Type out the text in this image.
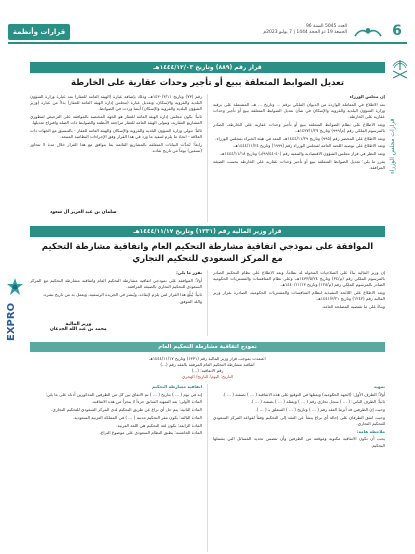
6
العدد 5045 السنة 96
الجمعة 19 ذو الحجة 1444 | 7 يوليو 2023م
قرارات وأنظمة
قرارات مجلس الوزراء
EXPRO
قرار رقم (٨٨٩) وتاريخ ١٤٤٤/١٢/٠٣هـ
تعديل الضوابط المتعلقة ببيع أو تأجير وحدات عقارية على الخارطة

إن مجلس الوزراء

بعد الاطلاع في المعاملة الواردة من الديوان الملكي برقم ... وتاريخ ... هـ، المشتملة على برقية وزارة الشؤون البلدية والقروية والإسكان في شأن تعديل الضوابط المتعلقة ببيع أو تأجير وحدات عقارية على الخارطة.

وبعد الاطلاع على نظام الضوابط المتعلقة ببيع أو تأجير وحدات عقارية على الخارطة، الصادر بالمرسوم الملكي رقم (م/٩٩٩) وتاريخ ١٤٣٧/١/٢٧هـ.

وبعد الاطلاع على المحضر رقم (٩٩٥) وتاريخ ١٤٤٤/١١/٢٩هـ، المعد في هيئة الخبراء بمجلس الوزراء.

وبعد الاطلاع على توصية اللجنة العامة لمجلس الوزراء رقم (٦٩٩٩) وتاريخ ١٤٤٤/١١/٢٤هـ.

وبعد النظر في قرار مجلس الشؤون الاقتصادية والتنمية رقم (٤٠-٩٩/٤٤/د) وتاريخ ١٤٤٤/١١/١٨هـ.

يقرر ما يلي: تعديل الضوابط المتعلقة ببيع أو تأجير وحدات عقارية على الخارطة بحسب الصيغة المرافقة.

رقم (٧٣) وتاريخ ١٤٣٠/٣/١١هـ، وذلك بإضافة عبارة (الهيئة العامة للعقار) بعد عبارة وزارة الشؤون البلدية والقروية والإسكان، وتعديل عبارة (مجلس إدارة الهيئة العامة للعقار) بدلاً من عبارة (وزير الشؤون البلدية والقروية والإسكان) أينما وردت في الضوابط.

ثانياً: يكون مجلس إدارة الهيئة العامة للعقار هو الجهة المختصة بالموافقة على الترخيص لمطوري المشاريع العقارية، وتتولى الهيئة العامة للعقار مراجعة الأنظمة والضوابط ذات الصلة واقتراح تعديلها.

ثالثاً: تتولى وزارة الشؤون البلدية والقروية والإسكان والهيئة العامة للعقار - بالتنسيق مع الجهات ذات العلاقة - اتخاذ ما يلزم لتنفيذ ما ورد في هذا القرار وفق الإجراءات النظامية المتبعة.

رابعاً: تُحدَّث البيانات المتعلقة بالمشاريع القائمة بما يتوافق مع هذا القرار خلال مدة لا تتجاوز (تسعين) يوماً من تاريخ نفاذه.

سلمان بن عبد العزيز آل سعود
قرار وزير المالية رقم (١٣٣١) وتاريخ ١٤٤٤/١١/١٧هـ
الموافقة على نموذجي اتفاقية مشارطة التحكيم العام واتفاقية مشارطة التحكيم
مع المركز السعودي للتحكيم التجاري

إن وزير المالية بناءً على الصلاحيات المخولة له نظاماً، وبعد الاطلاع على نظام التحكيم الصادر بالمرسوم الملكي رقم (م/٣٤) وتاريخ ١٤٣٣/٥/٢٤هـ، وعلى نظام المنافسات والمشتريات الحكومية الصادر بالمرسوم الملكي رقم (م/١٢٨) وتاريخ ١٤٤٠/١١/١٣هـ.

وبعد الاطلاع على اللائحة التنفيذية لنظام المنافسات والمشتريات الحكومية، الصادرة بقرار وزير المالية رقم (١٢٤٢) وتاريخ ١٤٤١/٣/٢١هـ.

وبناءً على ما تقتضيه المصلحة العامة.

يقرر ما يلي:

أولاً: الموافقة على نموذجي اتفاقية مشارطة التحكيم العام واتفاقية مشارطة التحكيم مع المركز السعودي للتحكيم التجاري بالصيغة المرافقة.

ثانياً: يُبلَّغ هذا القرار لمن يلزم لإنفاذه، ويُنشر في الجريدة الرسمية، ويعمل به من تاريخ نشره.

والله الموفق.

وزير المالية
محمد بن عبد الله الجدعان
نموذج اتفاقية مشارطة التحكيم العام
اعتمدت بموجب قرار وزير المالية رقم (١٣٣١) وتاريخ ١٤٤٤/١١/١٧هـ
اتفاقية مشارطة التحكيم العام المرفقة بالعقد رقم (...)
رقم الاتفاقية: (...)
التاريخ: اليوم/ التاريخ/ الهجري

تمهيد

أولاً: الطرف الأول: (الجهة الحكومية) ويمثلها في التوقيع على هذه الاتفاقية ( ... ) بصفته ( ... ).

ثانياً: الطرف الثاني: ( ... ) سجل تجاري رقم ( ... ) ويمثله ( ... ) بصفته ( ... ).

وحيث إن الطرفين قد أبرما العقد رقم ( ... ) وتاريخ ( ... ) المتعلق بـ ( ... ).

وحيث اتفق الطرفان على إحالة أي نزاع ينشأ عن العقد إلى التحكيم وفقاً لقواعد المركز السعودي للتحكيم التجاري.

ملاحظة هامة:

يجب أن تكون الاتفاقية مكتوبة وموقعة من الطرفين وأن تتضمن تحديد المسائل التي يشملها التحكيم.

اتفاقية مشارطة التحكيم

إنه في يوم ( ... ) بتاريخ ( ... ) تم الاتفاق بين كل من الطرفين المذكورين أدناه على ما يلي:

المادة الأولى: يعد التمهيد السابق جزءاً لا يتجزأ من هذه الاتفاقية.

المادة الثانية: يتم حل أي نزاع عن طريق التحكيم لدى المركز السعودي للتحكيم التجاري.

المادة الثالثة: يكون مقر التحكيم مدينة ( ... ) في المملكة العربية السعودية.

المادة الرابعة: تكون لغة التحكيم هي اللغة العربية.

المادة الخامسة: يطبق النظام السعودي على موضوع النزاع.
